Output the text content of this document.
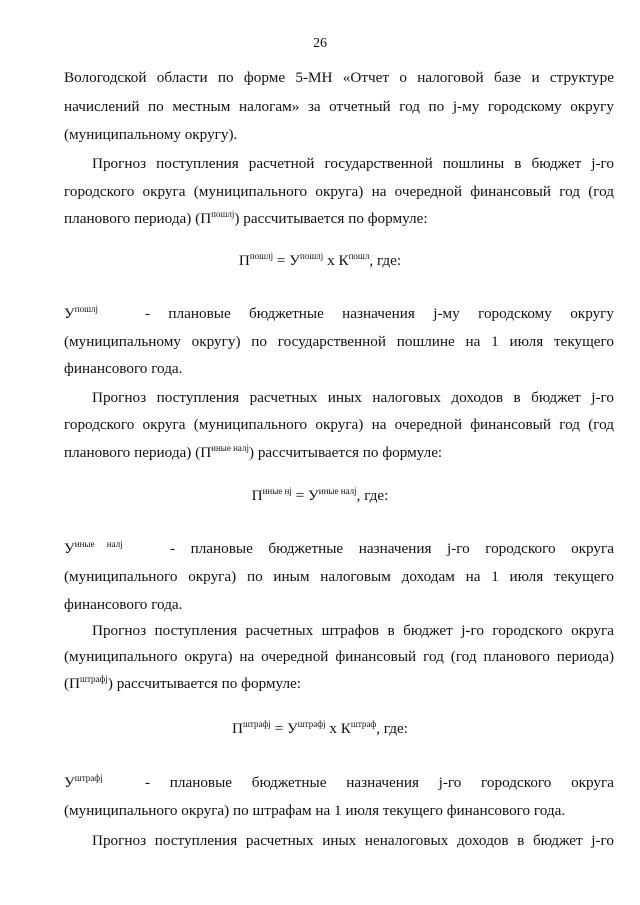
26
Вологодской области по форме 5-МН «Отчет о налоговой базе и структуре
начислений по местным налогам» за отчетный год по j-му городскому округу
(муниципальному округу).
Прогноз поступления расчетной государственной пошлины в бюджет j-го
городского округа (муниципального округа) на очередной финансовый год (год
планового периода) $(П^{пошлj})$ рассчитывается по формуле:
$П^{пошлj} = У^{пошлj}$ х $К^{пошл}$, где:
$У^{пошлj}$	- плановые бюджетные назначения j-му городскому округу
(муниципальному округу) по государственной пошлине на 1 июля текущего
финансового года.
Прогноз поступления расчетных иных налоговых доходов в бюджет j-го
городского округа (муниципального округа) на очередной финансовый год (год
планового периода) $(П^{иные налj})$ рассчитывается по формуле:
$П^{иные нj} = У^{иные налj}$, где:
$У^{иные налj}$	- плановые бюджетные назначения j-го городского округа
(муниципального округа) по иным налоговым доходам на 1 июля текущего
финансового года.
Прогноз поступления расчетных штрафов в бюджет j-го городского округа
(муниципального округа) на очередной финансовый год (год планового периода)
$(П^{штрафj})$ рассчитывается по формуле:
$П^{штрафj} = У^{штрафj}$ х $К^{штраф}$, где:
$У^{штрафj}$	- плановые бюджетные назначения j-го городского округа
(муниципального округа) по штрафам на 1 июля текущего финансового года.
Прогноз поступления расчетных иных неналоговых доходов в бюджет j-го
